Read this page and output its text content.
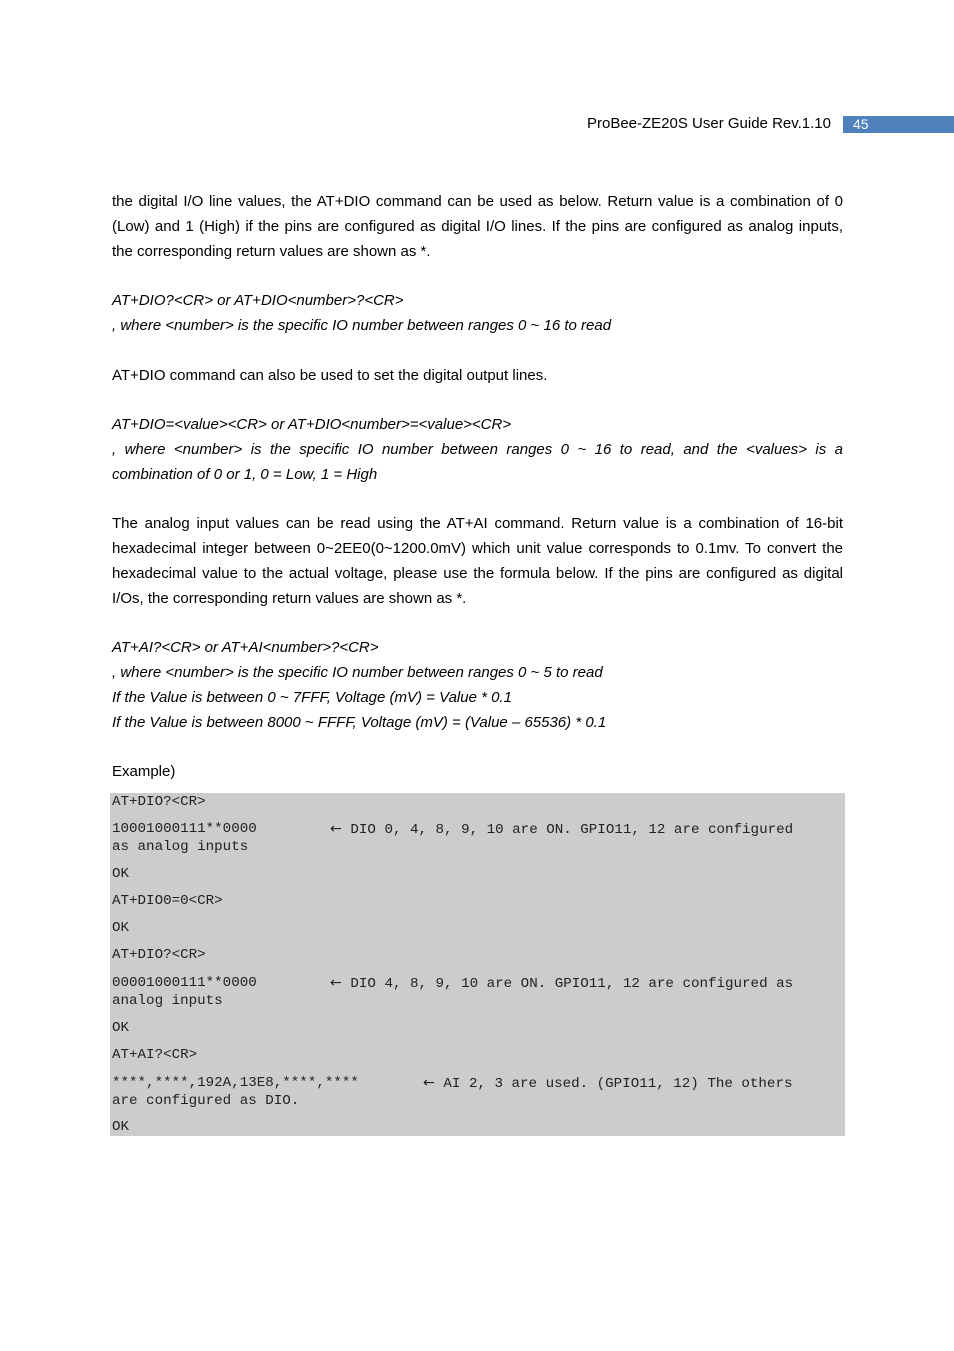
ProBee-ZE20S User Guide Rev.1.10 45

the digital I/O line values, the AT+DIO command can be used as below. Return value is a combination of 0 (Low) and 1 (High) if the pins are configured as digital I/O lines. If the pins are configured as analog inputs, the corresponding return values are shown as *.

AT+DIO?<CR> or AT+DIO<number>?<CR>

, where <number> is the specific IO number between ranges 0 ~ 16 to read

AT+DIO command can also be used to set the digital output lines.

AT+DIO=<value><CR> or AT+DIO<number>=<value><CR>

, where <number> is the specific IO number between ranges 0 ~ 16 to read, and the <values> is a combination of 0 or 1, 0 = Low, 1 = High

The analog input values can be read using the AT+AI command. Return value is a combination of 16-bit hexadecimal integer between 0~2EE0(0~1200.0mV) which unit value corresponds to 0.1mv. To convert the hexadecimal value to the actual voltage, please use the formula below. If the pins are configured as digital I/Os, the corresponding return values are shown as *.

AT+AI?<CR> or AT+AI<number>?<CR>

, where <number> is the specific IO number between ranges 0 ~ 5 to read

If the Value is between 0 ~ 7FFF, Voltage (mV) = Value * 0.1

If the Value is between 8000 ~ FFFF, Voltage (mV) = (Value – 65536) * 0.1

Example)

AT+DIO?<CR>
10001000111**0000	← DIO 0, 4, 8, 9, 10 are ON. GPIO11, 12 are configured
as analog inputs
OK
AT+DIO0=0<CR>
OK
AT+DIO?<CR>
00001000111**0000	← DIO 4, 8, 9, 10 are ON. GPIO11, 12 are configured as
analog inputs
OK
AT+AI?<CR>
****,****,192A,13E8,****,****	← AI 2, 3 are used. (GPIO11, 12) The others
are configured as DIO.
OK
